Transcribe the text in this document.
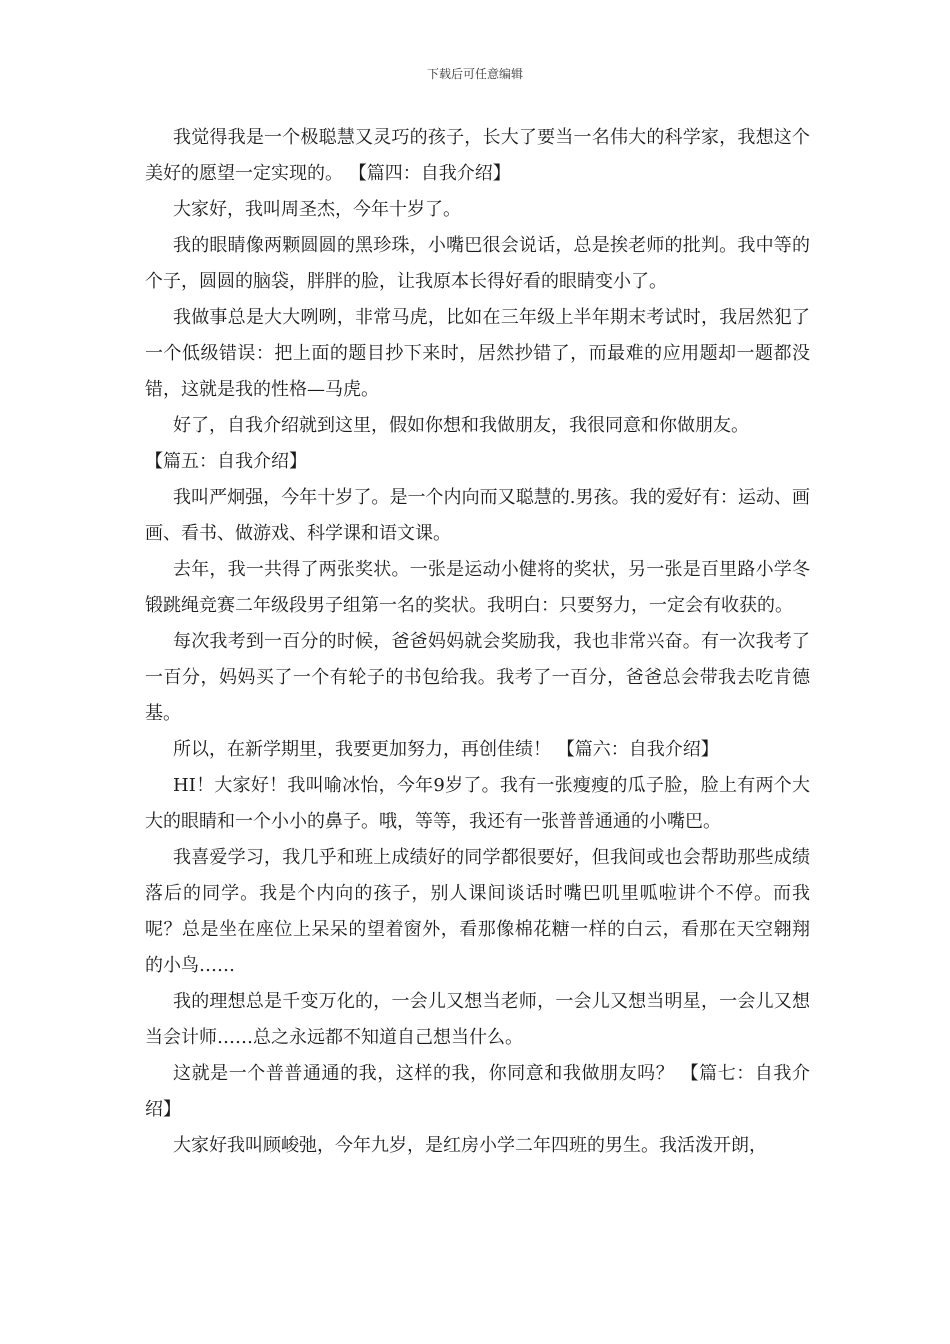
下载后可任意编辑

我觉得我是一个极聪慧又灵巧的孩子，长大了要当一名伟大的科学家，我想这个美好的愿望一定实现的。 【篇四：自我介绍】

大家好，我叫周圣杰，今年十岁了。

我的眼睛像两颗圆圆的黑珍珠，小嘴巴很会说话，总是挨老师的批判。我中等的个子，圆圆的脑袋，胖胖的脸，让我原本长得好看的眼睛变小了。

我做事总是大大咧咧，非常马虎，比如在三年级上半年期末考试时，我居然犯了一个低级错误：把上面的题目抄下来时，居然抄错了，而最难的应用题却一题都没错，这就是我的性格—马虎。

好了，自我介绍就到这里，假如你想和我做朋友，我很同意和你做朋友。

【篇五：自我介绍】

我叫严炯强，今年十岁了。是一个内向而又聪慧的.男孩。我的爱好有：运动、画画、看书、做游戏、科学课和语文课。

去年，我一共得了两张奖状。一张是运动小健将的奖状，另一张是百里路小学冬锻跳绳竞赛二年级段男子组第一名的奖状。我明白：只要努力，一定会有收获的。

每次我考到一百分的时候，爸爸妈妈就会奖励我，我也非常兴奋。有一次我考了一百分，妈妈买了一个有轮子的书包给我。我考了一百分，爸爸总会带我去吃肯德基。

所以，在新学期里，我要更加努力，再创佳绩！ 【篇六：自我介绍】

HI！大家好！我叫喻冰怡，今年9岁了。我有一张瘦瘦的瓜子脸，脸上有两个大大的眼睛和一个小小的鼻子。哦，等等，我还有一张普普通通的小嘴巴。

我喜爱学习，我几乎和班上成绩好的同学都很要好，但我间或也会帮助那些成绩落后的同学。我是个内向的孩子，别人课间谈话时嘴巴叽里呱啦讲个不停。而我呢？总是坐在座位上呆呆的望着窗外，看那像棉花糖一样的白云，看那在天空翱翔的小鸟……

我的理想总是千变万化的，一会儿又想当老师，一会儿又想当明星，一会儿又想当会计师……总之永远都不知道自己想当什么。

这就是一个普普通通的我，这样的我，你同意和我做朋友吗？ 【篇七：自我介绍】

大家好我叫顾峻弛，今年九岁，是红房小学二年四班的男生。我活泼开朗，
